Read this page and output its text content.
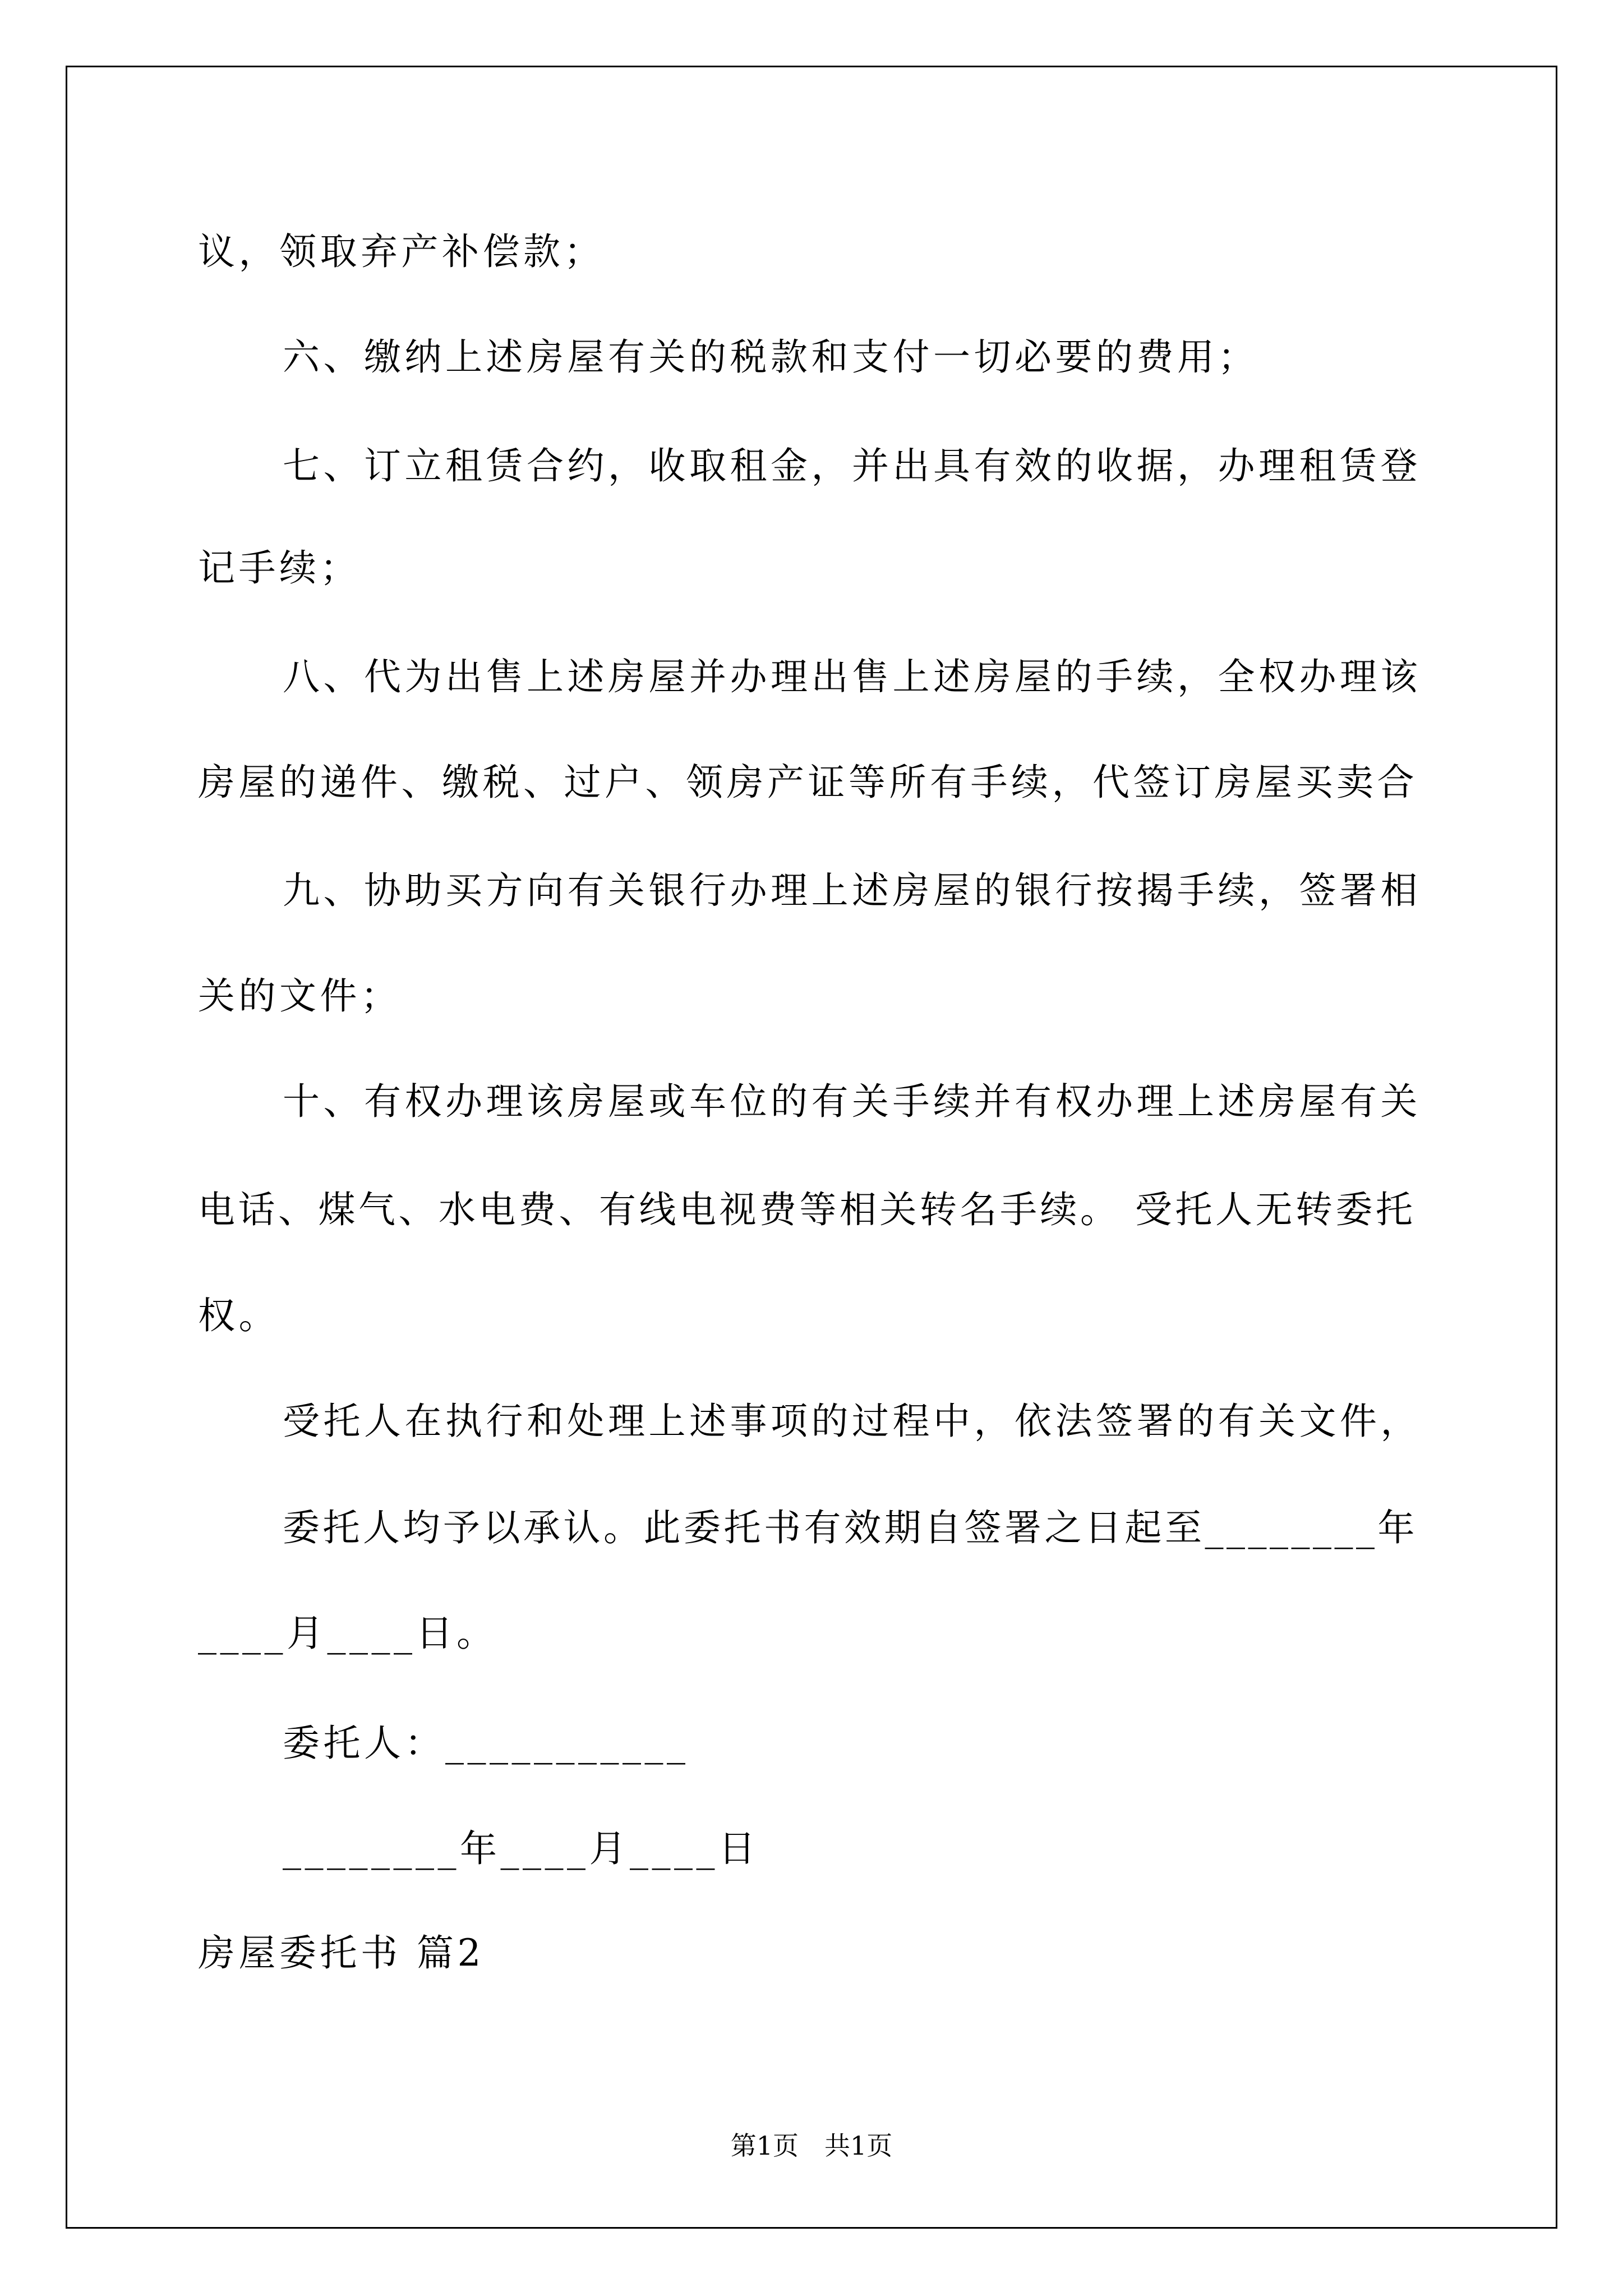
议，领取弃产补偿款；
六、缴纳上述房屋有关的税款和支付一切必要的费用；
七、订立租赁合约，收取租金，并出具有效的收据，办理租赁登
记手续；
八、代为出售上述房屋并办理出售上述房屋的手续，全权办理该
房屋的递件、缴税、过户、领房产证等所有手续，代签订房屋买卖合
九、协助买方向有关银行办理上述房屋的银行按揭手续，签署相
关的文件；
十、有权办理该房屋或车位的有关手续并有权办理上述房屋有关
电话、煤气、水电费、有线电视费等相关转名手续。 受托人无转委托
权。
受托人在执行和处理上述事项的过程中，依法签署的有关文件，
委托人均予以承认。此委托书有效期自签署之日起至________年
____月____日。
委托人：___________
________年____月____日
房屋委托书 篇2
第1页　共1页
